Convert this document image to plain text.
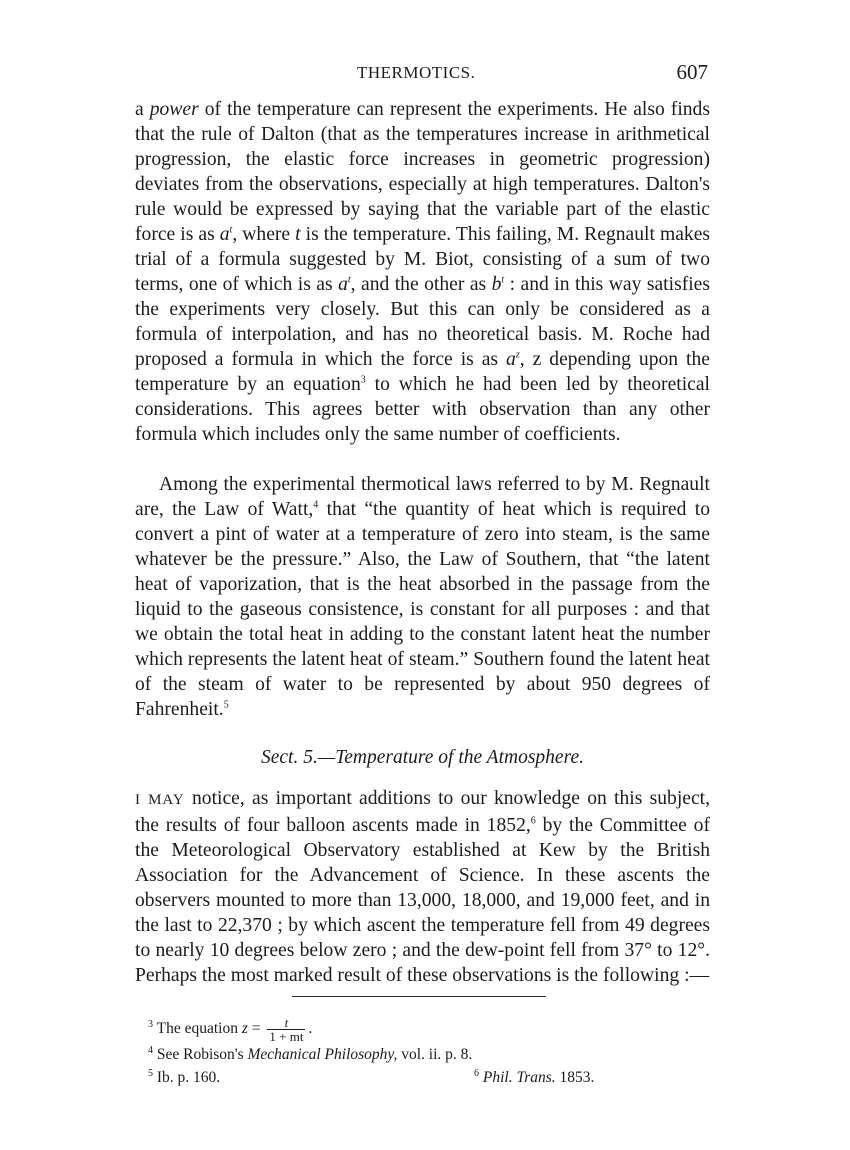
THERMOTICS.	607

a power of the temperature can represent the experiments. He also finds that the rule of Dalton (that as the temperatures increase in arithmetical progression, the elastic force increases in geometric progression) deviates from the observations, especially at high temperatures. Dalton's rule would be expressed by saying that the variable part of the elastic force is as $a^t$, where t is the temperature. This failing, M. Regnault makes trial of a formula suggested by M. Biot, consisting of a sum of two terms, one of which is as $a^t$, and the other as $b^t$ : and in this way satisfies the experiments very closely. But this can only be considered as a formula of interpolation, and has no theoretical basis. M. Roche had proposed a formula in which the force is as $a^z$, z depending upon the temperature by an equation$^3$ to which he had been led by theoretical considerations. This agrees better with observation than any other formula which includes only the same number of coefficients.

Among the experimental thermotical laws referred to by M. Regnault are, the Law of Watt,$^4$ that “the quantity of heat which is required to convert a pint of water at a temperature of zero into steam, is the same whatever be the pressure.” Also, the Law of Southern, that “the latent heat of vaporization, that is the heat absorbed in the passage from the liquid to the gaseous consistence, is constant for all purposes : and that we obtain the total heat in adding to the constant latent heat the number which represents the latent heat of steam.” Southern found the latent heat of the steam of water to be represented by about 950 degrees of Fahrenheit.$^5$

Sect. 5.—Temperature of the Atmosphere.

I MAY notice, as important additions to our knowledge on this subject, the results of four balloon ascents made in 1852,$^6$ by the Committee of the Meteorological Observatory established at Kew by the British Association for the Advancement of Science. In these ascents the observers mounted to more than 13,000, 18,000, and 19,000 feet, and in the last to 22,370 ; by which ascent the temperature fell from 49 degrees to nearly 10 degrees below zero ; and the dew-point fell from 37° to 12°. Perhaps the most marked result of these observations is the following :—

$^3$ The equation $z = \frac{t}{1 + mt}$ .
$^4$ See Robison's Mechanical Philosophy, vol. ii. p. 8.
$^5$ Ib. p. 160.	$^6$ Phil. Trans. 1853.
